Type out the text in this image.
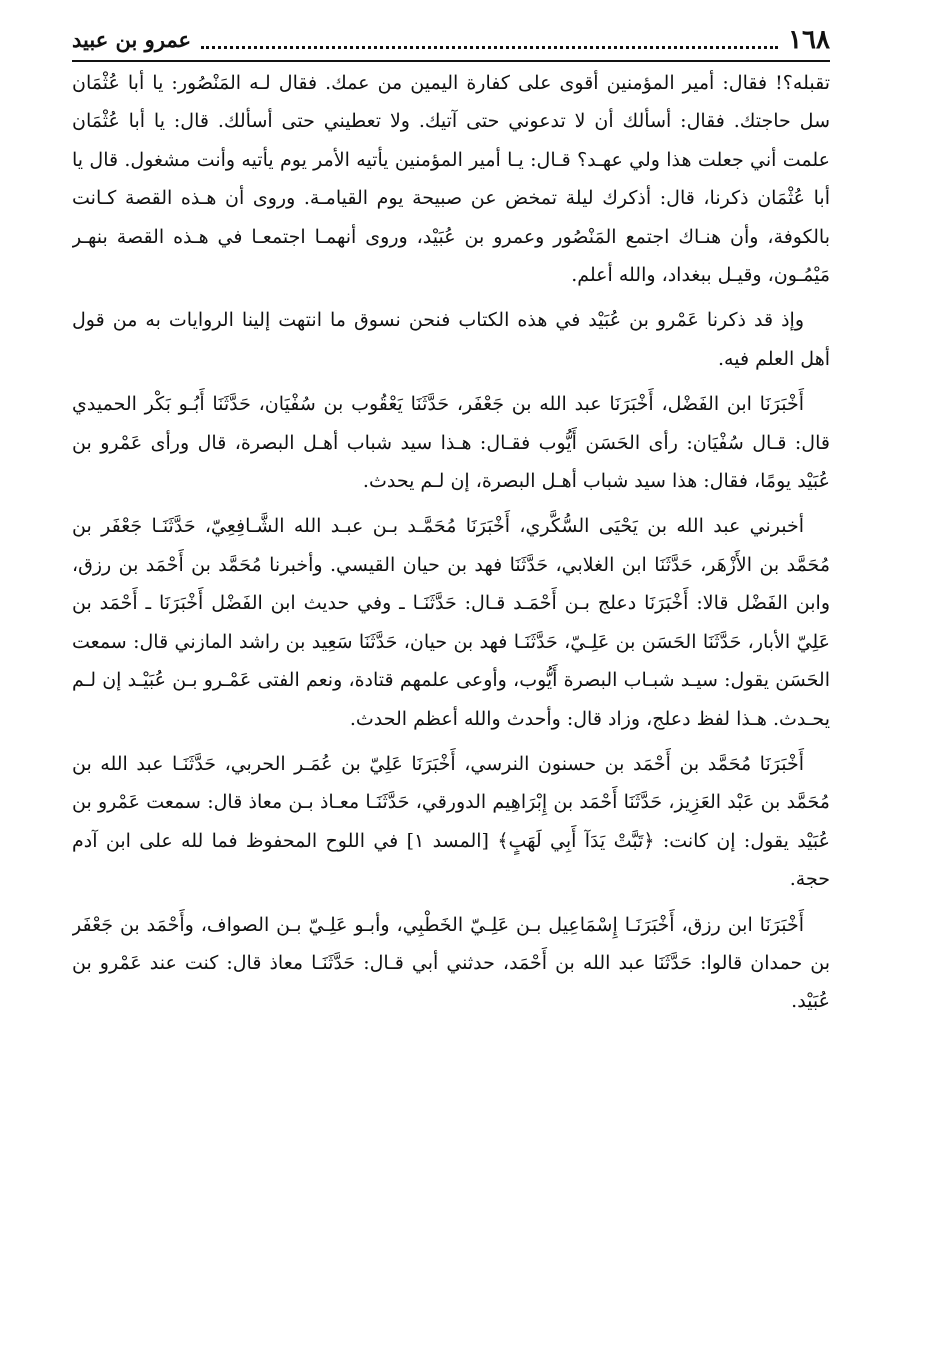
١٦٨
عمرو بن عبيد

تقبله؟! فقال: أمير المؤمنين أقوى على كفارة اليمين من عمك. فقال لـه المَنْصُور: يا أبا عُثْمَان سل حاجتك. فقال: أسألك أن لا تدعوني حتى آتيك. ولا تعطيني حتى أسألك. قال: يا أبا عُثْمَان علمت أني جعلت هذا ولي عهـد؟ قـال: يـا أمير المؤمنين يأتيه الأمر يوم يأتيه وأنت مشغول. قال يا أبا عُثْمَان ذكرنا، قال: أذكرك ليلة تمخض عن صبيحة يوم القيامـة. وروى أن هـذه القصة كـانت بالكوفة، وأن هنـاك اجتمع المَنْصُور وعمرو بن عُبَيْد، وروى أنهمـا اجتمعـا في هـذه القصة بنهـر مَيْمُـون، وقيـل ببغداد، والله أعلم.

وإذ قد ذكرنا عَمْرو بن عُبَيْد في هذه الكتاب فنحن نسوق ما انتهت إلينا الروايات به من قول أهل العلم فيه.

أَخْبَرَنَا ابن الفَضْل، أَخْبَرَنَا عبد الله بن جَعْفَر، حَدَّثَنَا يَعْقُوب بن سُفْيَان، حَدَّثَنَا أَبُـو بَكْر الحميدي قال: قـال سُفْيَان: رأى الحَسَن أَيُّوب فقـال: هـذا سيد شباب أهـل البصرة، قال ورأى عَمْرو بن عُبَيْد يومًا، فقال: هذا سيد شباب أهـل البصرة، إن لـم يحدث.

أخبرني عبد الله بن يَحْيَى السُّكَّري، أَخْبَرَنَا مُحَمَّـد بـن عبـد الله الشَّـافِعِيّ، حَدَّثَنَـا جَعْفَر بن مُحَمَّد بن الأَزْهَر، حَدَّثَنَا ابن الغلابي، حَدَّثَنَا فهد بن حيان القيسي. وأخبرنا مُحَمَّد بن أَحْمَد بن رزق، وابن الفَضْل قالا: أَخْبَرَنَا دعلج بـن أَحْمَـد قـال: حَدَّثَنَـا ـ وفي حديث ابن الفَضْل أَخْبَرَنَا ـ أَحْمَد بن عَلِيّ الأبار، حَدَّثَنَا الحَسَن بن عَلِـيّ، حَدَّثَنَـا فهد بن حيان، حَدَّثَنَا سَعِيد بن راشد المازني قال: سمعت الحَسَن يقول: سيـد شبـاب البصرة أَيُّوب، وأوعى علمهم قتادة، ونعم الفتى عَمْـرو بـن عُبَيْـد إن لـم يحـدث. هـذا لفظ دعلج، وزاد قال: وأحدث والله أعظم الحدث.

أَخْبَرَنَا مُحَمَّد بن أَحْمَد بن حسنون النرسي، أَخْبَرَنَا عَلِيّ بن عُمَـر الحربي، حَدَّثَنَـا عبد الله بن مُحَمَّد بن عَبْد العَزِيز، حَدَّثَنَا أَحْمَد بن إِبْرَاهِيم الدورقي، حَدَّثَنَـا معـاذ بـن معاذ قال: سمعت عَمْرو بن عُبَيْد يقول: إن كانت: ﴿تَبَّتْ يَدَآ أَبِي لَهَبٍ﴾ [المسد ١] في اللوح المحفوظ فما لله على ابن آدم حجة.

أَخْبَرَنَا ابن رزق، أَخْبَرَنَـا إِسْمَاعِيل بـن عَلِـيّ الخَطْبِي، وأبـو عَلِـيّ بـن الصواف، وأَحْمَد بن جَعْفَر بن حمدان قالوا: حَدَّثَنَا عبد الله بن أَحْمَد، حدثني أبي قـال: حَدَّثَنَـا معاذ قال: كنت عند عَمْرو بن عُبَيْد.
